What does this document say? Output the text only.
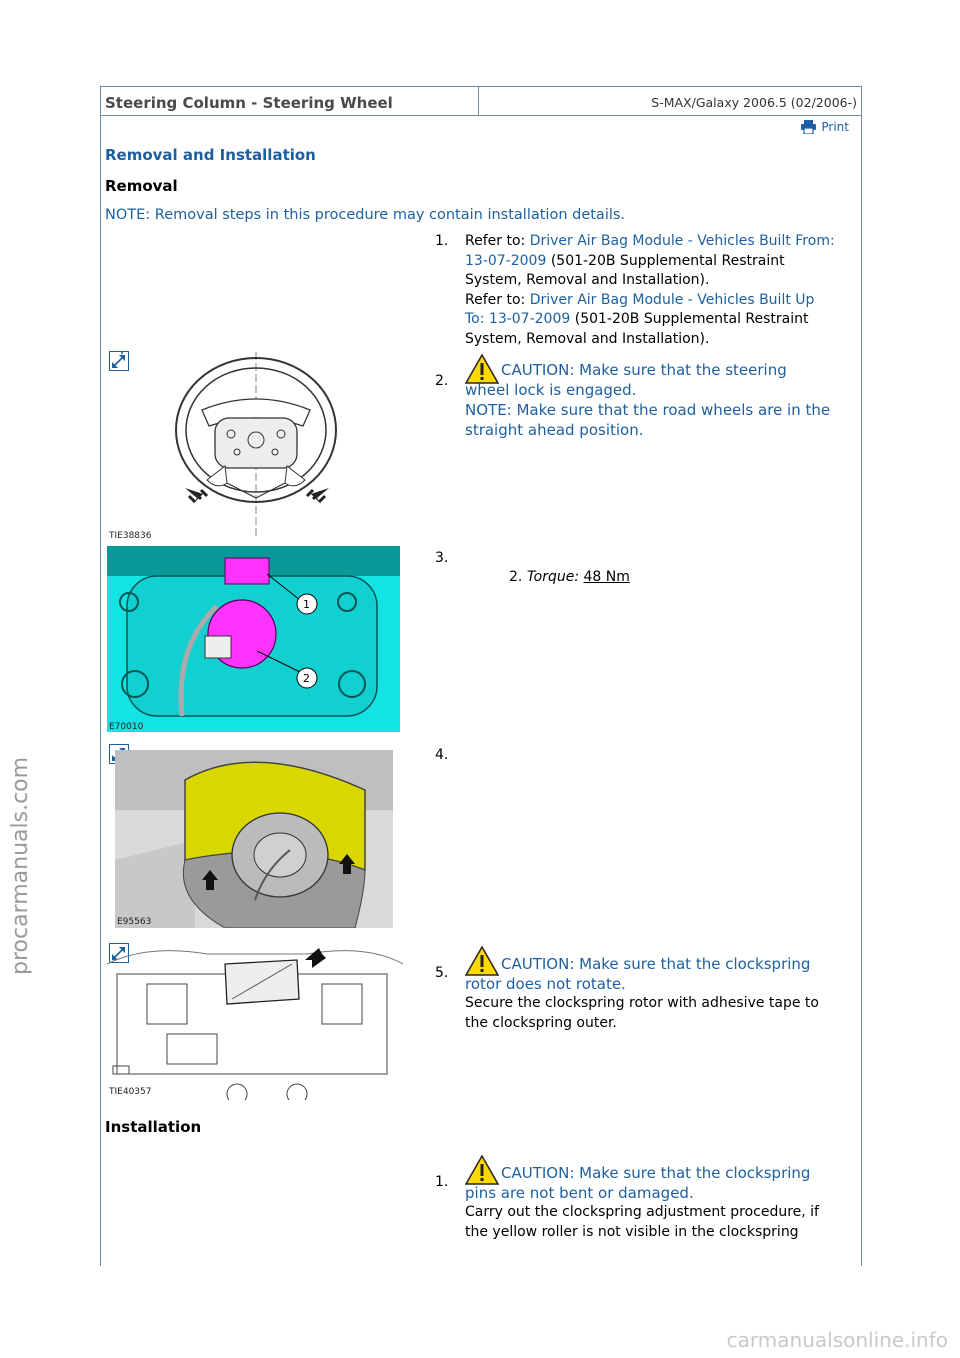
procarmanuals.com
carmanualsonline.info
Steering Column - Steering Wheel	S-MAX/Galaxy 2006.5 (02/2006-)
Print
Removal and Installation
Removal
NOTE: Removal steps in this procedure may contain installation details.
1. Refer to: Driver Air Bag Module - Vehicles Built From: 13-07-2009 (501-20B Supplemental Restraint System, Removal and Installation).
Refer to: Driver Air Bag Module - Vehicles Built Up To: 13-07-2009 (501-20B Supplemental Restraint System, Removal and Installation).
TIE38836
2.
CAUTION: Make sure that the steering wheel lock is engaged.
NOTE: Make sure that the road wheels are in the straight ahead position.
1
2
E70010
3.
2. Torque: 48 Nm
E95563
4.
TIE40357
5.	CAUTION: Make sure that the clockspring rotor does not rotate.
Secure the clockspring rotor with adhesive tape to the clockspring outer.
Installation
1.	CAUTION: Make sure that the clockspring pins are not bent or damaged.
Carry out the clockspring adjustment procedure, if the yellow roller is not visible in the clockspring
